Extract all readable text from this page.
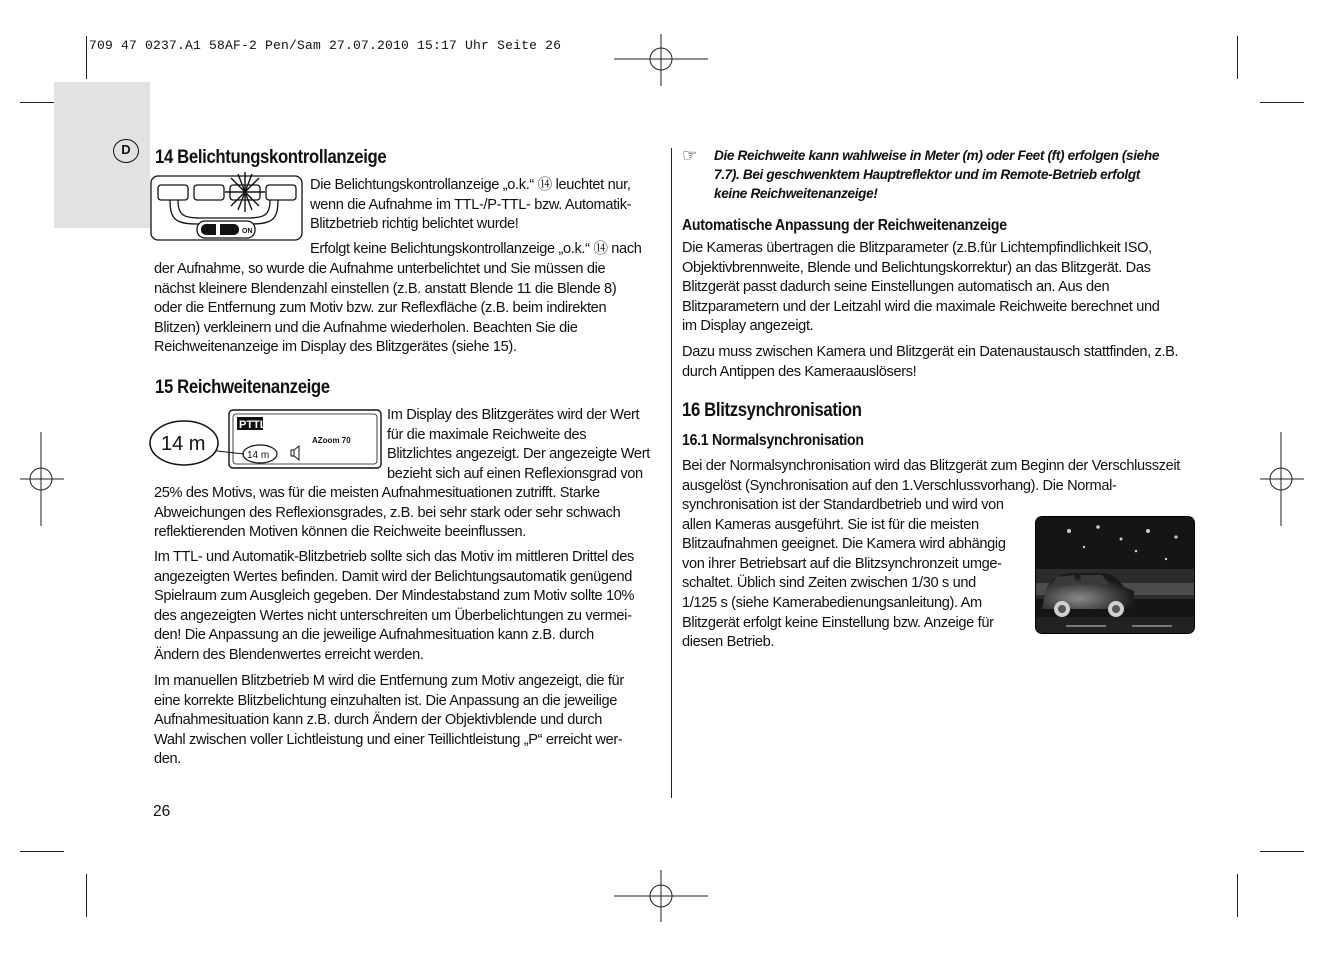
709 47 0237.A1 58AF-2 Pen/Sam 27.07.2010 15:17 Uhr Seite 26
D	14 Belichtungskontrollanzeige
ON
Die Belichtungskontrollanzeige „o.k.“ ⑭ leuchtet nur,
wenn die Aufnahme im TTL-/P-TTL- bzw. Automatik-
Blitzbetrieb richtig belichtet wurde!
Erfolgt keine Belichtungskontrollanzeige „o.k.“ ⑭ nach
der Aufnahme, so wurde die Aufnahme unterbelichtet und Sie müssen die
nächst kleinere Blendenzahl einstellen (z.B. anstatt Blende 11 die Blende 8)
oder die Entfernung zum Motiv bzw. zur Reflexfläche (z.B. beim indirekten
Blitzen) verkleinern und die Aufnahme wiederholen. Beachten Sie die
Reichweitenanzeige im Display des Blitzgerätes (siehe 15).
15 Reichweitenanzeige
PTTL
AZoom 70
14 m
14 m
Im Display des Blitzgerätes wird der Wert
für die maximale Reichweite des
Blitzlichtes angezeigt. Der angezeigte Wert
bezieht sich auf einen Reflexionsgrad von
25% des Motivs, was für die meisten Aufnahmesituationen zutrifft. Starke
Abweichungen des Reflexionsgrades, z.B. bei sehr stark oder sehr schwach
reflektierenden Motiven können die Reichweite beeinflussen.
Im TTL- und Automatik-Blitzbetrieb sollte sich das Motiv im mittleren Drittel des
angezeigten Wertes befinden. Damit wird der Belichtungsautomatik genügend
Spielraum zum Ausgleich gegeben. Der Mindestabstand zum Motiv sollte 10%
des angezeigten Wertes nicht unterschreiten um Überbelichtungen zu vermei-
den! Die Anpassung an die jeweilige Aufnahmesituation kann z.B. durch
Ändern des Blendenwertes erreicht werden.
Im manuellen Blitzbetrieb M wird die Entfernung zum Motiv angezeigt, die für
eine korrekte Blitzbelichtung einzuhalten ist. Die Anpassung an die jeweilige
Aufnahmesituation kann z.B. durch Ändern der Objektivblende und durch
Wahl zwischen voller Lichtleistung und einer Teillichtleistung „P“ erreicht wer-
den.
26
☞ Die Reichweite kann wahlweise in Meter (m) oder Feet (ft) erfolgen (siehe
7.7). Bei geschwenktem Hauptreflektor und im Remote-Betrieb erfolgt
keine Reichweitenanzeige!
Automatische Anpassung der Reichweitenanzeige
Die Kameras übertragen die Blitzparameter (z.B.für Lichtempfindlichkeit ISO,
Objektivbrennweite, Blende und Belichtungskorrektur) an das Blitzgerät. Das
Blitzgerät passt dadurch seine Einstellungen automatisch an. Aus den
Blitzparametern und der Leitzahl wird die maximale Reichweite berechnet und
im Display angezeigt.
Dazu muss zwischen Kamera und Blitzgerät ein Datenaustausch stattfinden, z.B.
durch Antippen des Kameraauslösers!
16 Blitzsynchronisation
16.1 Normalsynchronisation
Bei der Normalsynchronisation wird das Blitzgerät zum Beginn der Verschlusszeit
ausgelöst (Synchronisation auf den 1.Verschlussvorhang). Die Normal-
synchronisation ist der Standardbetrieb und wird von
allen Kameras ausgeführt. Sie ist für die meisten
Blitzaufnahmen geeignet. Die Kamera wird abhängig
von ihrer Betriebsart auf die Blitzsynchronzeit umge-
schaltet. Üblich sind Zeiten zwischen 1/30 s und
1/125 s (siehe Kamerabedienungsanleitung). Am
Blitzgerät erfolgt keine Einstellung bzw. Anzeige für
diesen Betrieb.
